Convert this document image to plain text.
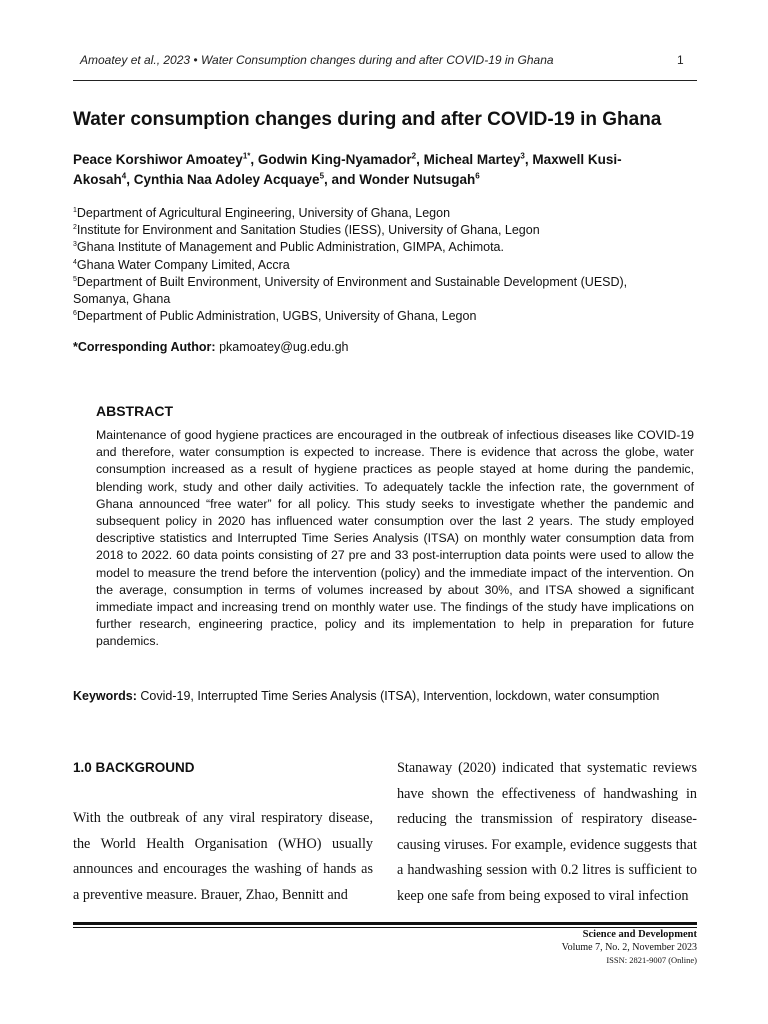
Amoatey et al., 2023 • Water Consumption changes during and after COVID-19 in Ghana	1
Water consumption changes during and after COVID-19 in Ghana
Peace Korshiwor Amoatey$^{1*}$, Godwin King-Nyamador$^2$, Micheal Martey$^3$, Maxwell Kusi-Akosah$^4$, Cynthia Naa Adoley Acquaye$^5$, and Wonder Nutsugah$^6$
$^1$Department of Agricultural Engineering, University of Ghana, Legon
$^2$Institute for Environment and Sanitation Studies (IESS), University of Ghana, Legon
$^3$Ghana Institute of Management and Public Administration, GIMPA, Achimota.
$^4$Ghana Water Company Limited, Accra
$^5$Department of Built Environment, University of Environment and Sustainable Development (UESD), Somanya, Ghana
$^6$Department of Public Administration, UGBS, University of Ghana, Legon
*Corresponding Author: pkamoatey@ug.edu.gh
ABSTRACT
Maintenance of good hygiene practices are encouraged in the outbreak of infectious diseases like COVID-19 and therefore, water consumption is expected to increase. There is evidence that across the globe, water consumption increased as a result of hygiene practices as people stayed at home during the pandemic, blending work, study and other daily activities. To adequately tackle the infection rate, the government of Ghana announced “free water” for all policy. This study seeks to investigate whether the pandemic and subsequent policy in 2020 has influenced water consumption over the last 2 years. The study employed descriptive statistics and Interrupted Time Series Analysis (ITSA) on monthly water consumption data from 2018 to 2022. 60 data points consisting of 27 pre and 33 post-interruption data points were used to allow the model to measure the trend before the intervention (policy) and the immediate impact of the intervention. On the average, consumption in terms of volumes increased by about 30%, and ITSA showed a significant immediate impact and increasing trend on monthly water use. The findings of the study have implications on further research, engineering practice, policy and its implementation to help in preparation for future pandemics.
Keywords: Covid-19, Interrupted Time Series Analysis (ITSA), Intervention, lockdown, water consumption
1.0 BACKGROUND
With the outbreak of any viral respiratory disease, the World Health Organisation (WHO) usually announces and encourages the washing of hands as a preventive measure. Brauer, Zhao, Bennitt and
Stanaway (2020) indicated that systematic reviews have shown the effectiveness of handwashing in reducing the transmission of respiratory disease-causing viruses. For example, evidence suggests that a handwashing session with 0.2 litres is sufficient to keep one safe from being exposed to viral infection
Science and Development
Volume 7, No. 2, November 2023
ISSN: 2821-9007 (Online)
